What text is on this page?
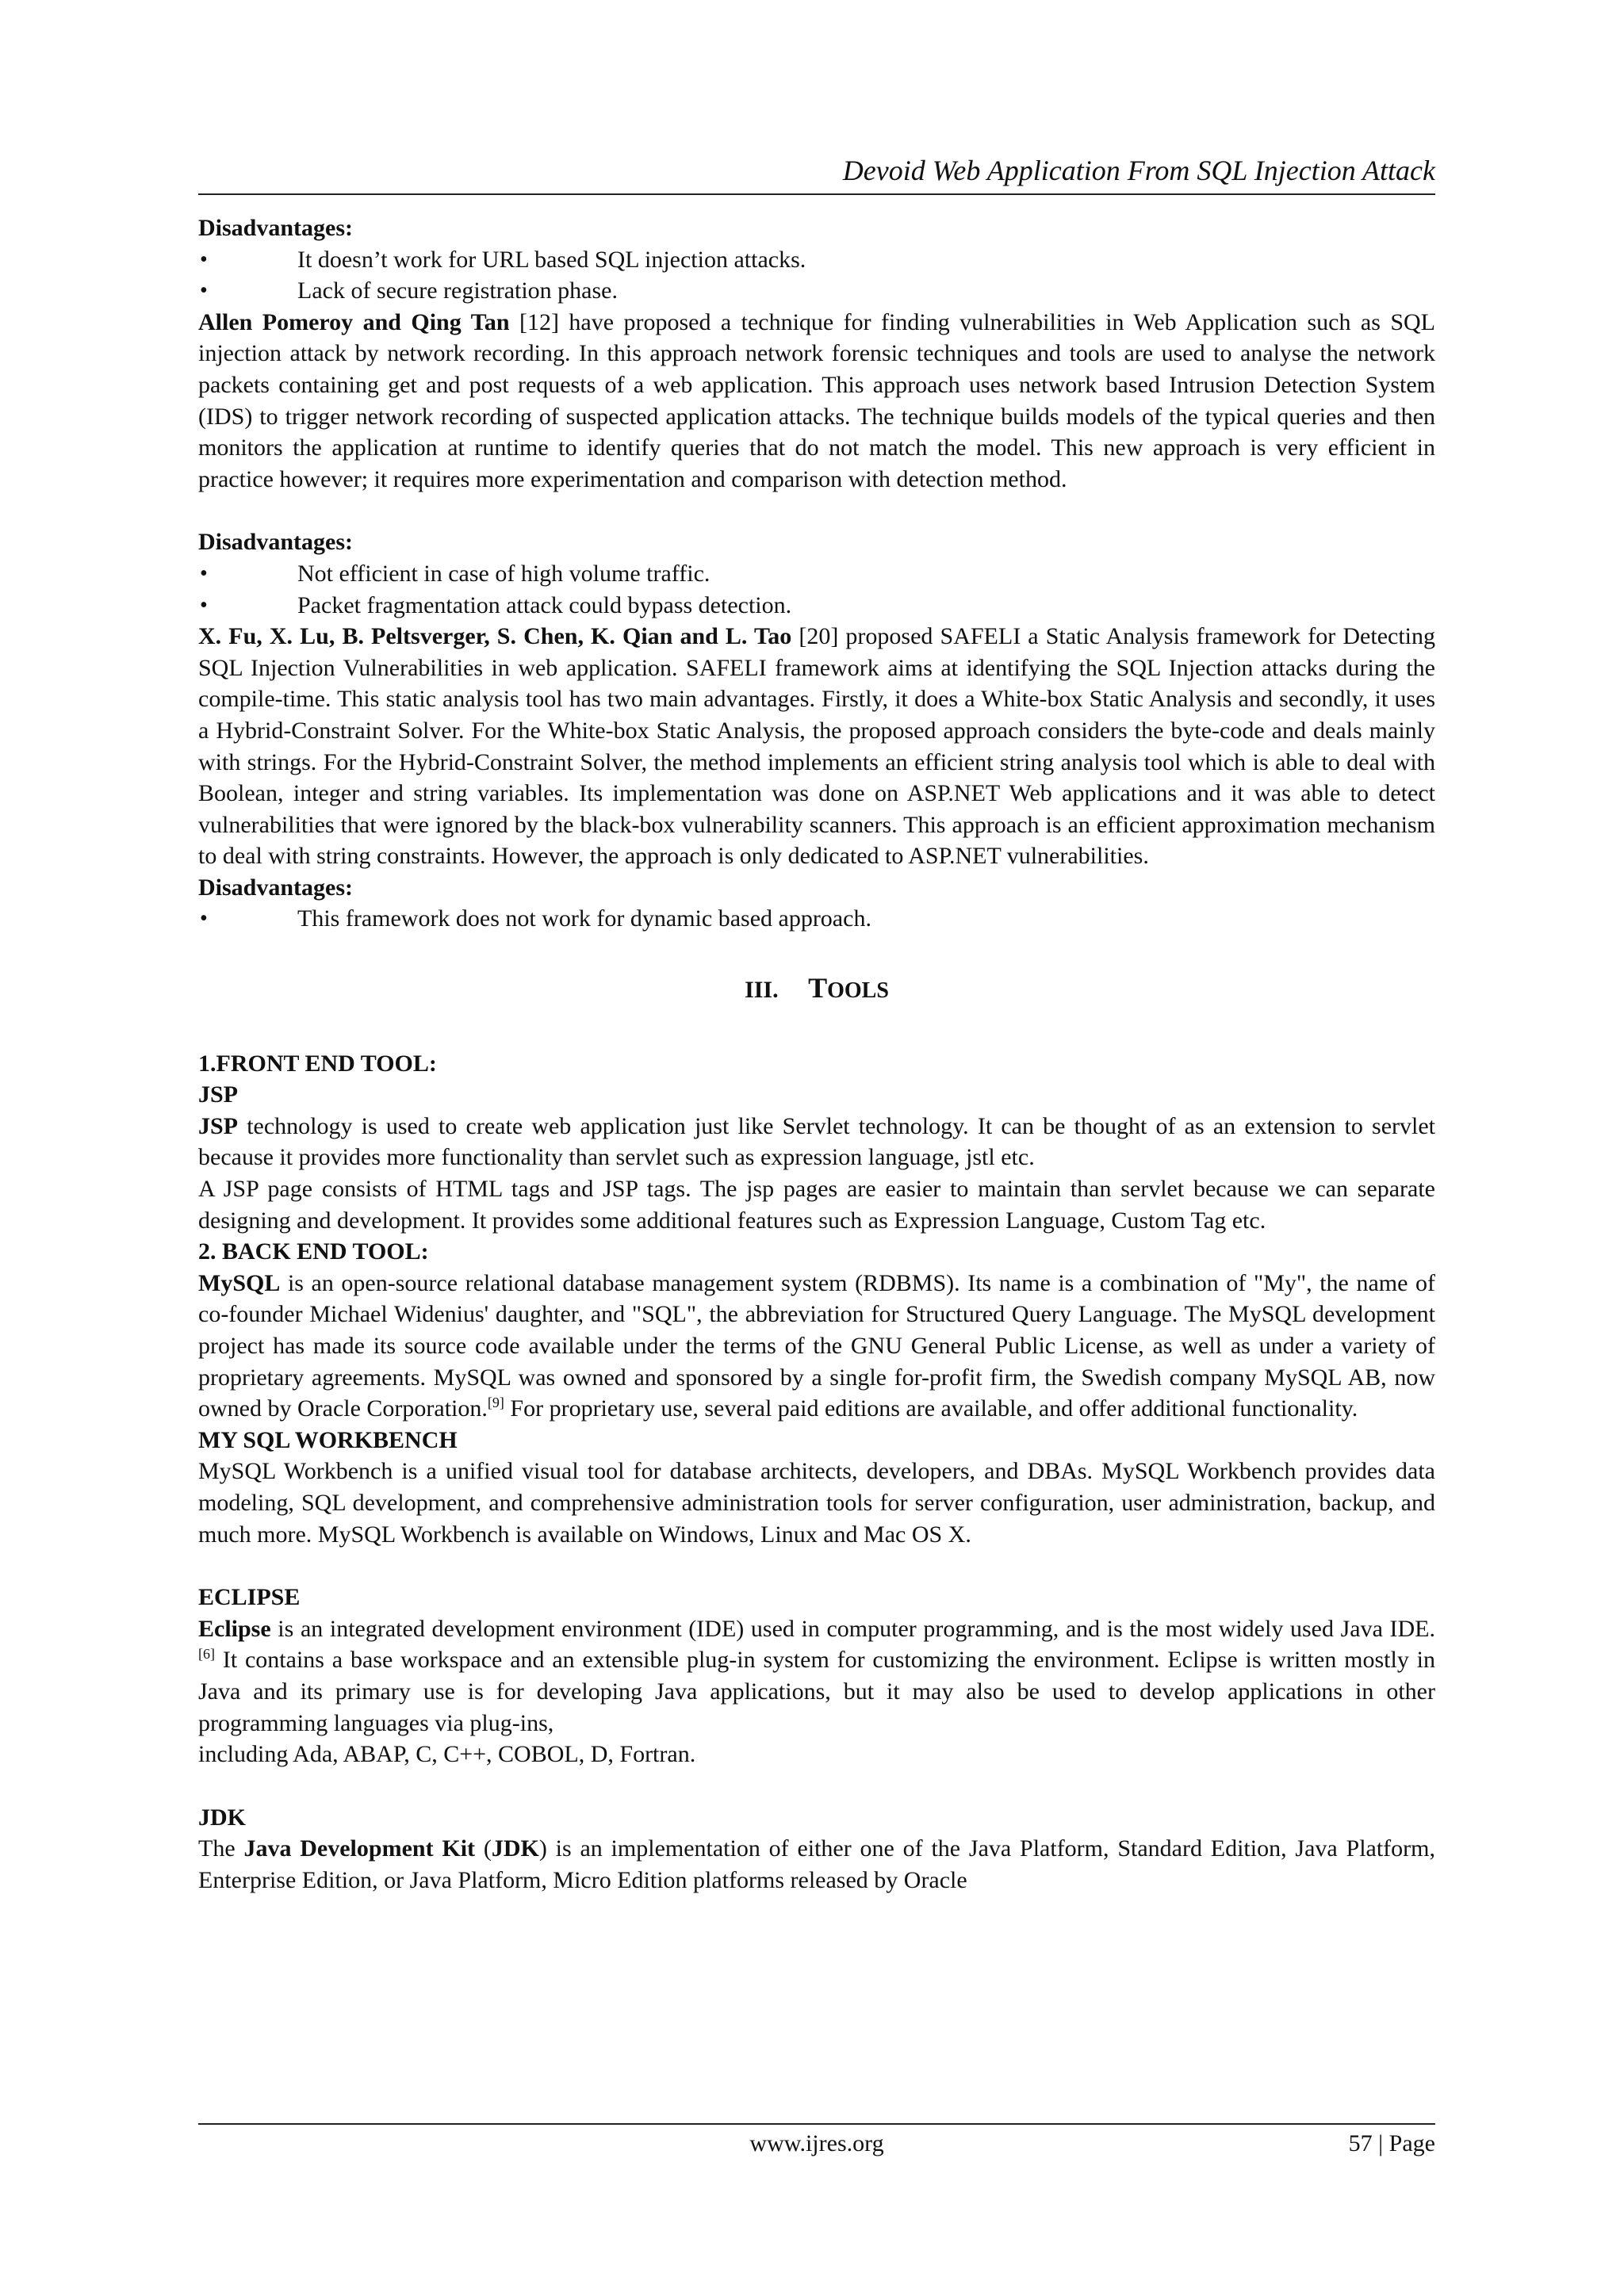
Devoid Web Application From SQL Injection Attack

Disadvantages:

• It doesn’t work for URL based SQL injection attacks.
• Lack of secure registration phase.

Allen Pomeroy and Qing Tan [12] have proposed a technique for finding vulnerabilities in Web Application such as SQL injection attack by network recording. In this approach network forensic techniques and tools are used to analyse the network packets containing get and post requests of a web application. This approach uses network based Intrusion Detection System (IDS) to trigger network recording of suspected application attacks. The technique builds models of the typical queries and then monitors the application at runtime to identify queries that do not match the model. This new approach is very efficient in practice however; it requires more experimentation and comparison with detection method.

Disadvantages:

• Not efficient in case of high volume traffic.
• Packet fragmentation attack could bypass detection.

X. Fu, X. Lu, B. Peltsverger, S. Chen, K. Qian and L. Tao [20] proposed SAFELI a Static Analysis framework for Detecting SQL Injection Vulnerabilities in web application. SAFELI framework aims at identifying the SQL Injection attacks during the compile-time. This static analysis tool has two main advantages. Firstly, it does a White-box Static Analysis and secondly, it uses a Hybrid-Constraint Solver. For the White-box Static Analysis, the proposed approach considers the byte-code and deals mainly with strings. For the Hybrid-Constraint Solver, the method implements an efficient string analysis tool which is able to deal with Boolean, integer and string variables. Its implementation was done on ASP.NET Web applications and it was able to detect vulnerabilities that were ignored by the black-box vulnerability scanners. This approach is an efficient approximation mechanism to deal with string constraints. However, the approach is only dedicated to ASP.NET vulnerabilities.

Disadvantages:

• This framework does not work for dynamic based approach.
III. TOOLS

1.FRONT END TOOL:

JSP

JSP technology is used to create web application just like Servlet technology. It can be thought of as an extension to servlet because it provides more functionality than servlet such as expression language, jstl etc.

A JSP page consists of HTML tags and JSP tags. The jsp pages are easier to maintain than servlet because we can separate designing and development. It provides some additional features such as Expression Language, Custom Tag etc.

2. BACK END TOOL:

MySQL is an open-source relational database management system (RDBMS). Its name is a combination of "My", the name of co-founder Michael Widenius' daughter, and "SQL", the abbreviation for Structured Query Language. The MySQL development project has made its source code available under the terms of the GNU General Public License, as well as under a variety of proprietary agreements. MySQL was owned and sponsored by a single for-profit firm, the Swedish company MySQL AB, now owned by Oracle Corporation.[9] For proprietary use, several paid editions are available, and offer additional functionality.

MY SQL WORKBENCH

MySQL Workbench is a unified visual tool for database architects, developers, and DBAs. MySQL Workbench provides data modeling, SQL development, and comprehensive administration tools for server configuration, user administration, backup, and much more. MySQL Workbench is available on Windows, Linux and Mac OS X.

ECLIPSE

Eclipse is an integrated development environment (IDE) used in computer programming, and is the most widely used Java IDE.[6] It contains a base workspace and an extensible plug-in system for customizing the environment. Eclipse is written mostly in Java and its primary use is for developing Java applications, but it may also be used to develop applications in other programming languages via plug-ins,

including Ada, ABAP, C, C++, COBOL, D, Fortran.

JDK

The Java Development Kit (JDK) is an implementation of either one of the Java Platform, Standard Edition, Java Platform, Enterprise Edition, or Java Platform, Micro Edition platforms released by Oracle

www.ijres.org	57 | Page
